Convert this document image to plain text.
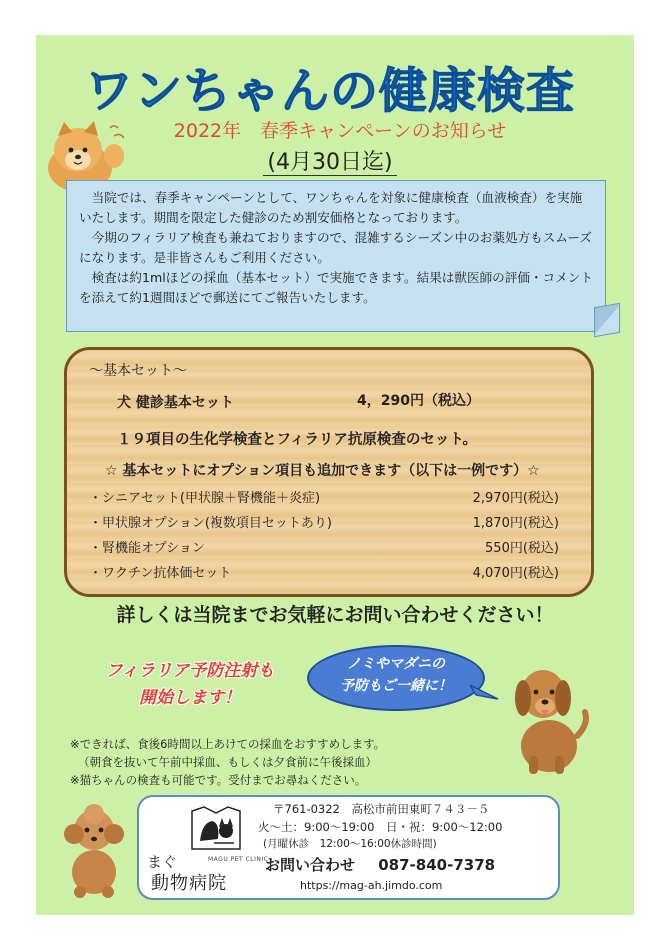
ワンちゃんの健康検査
2022年　春季キャンペーンのお知らせ
(4月30日迄)

当院では、春季キャンペーンとして、ワンちゃんを対象に健康検査（血液検査）を実施いたします。期間を限定した健診のため割安価格となっております。

今期のフィラリア検査も兼ねておりますので、混雑するシーズン中のお薬処方もスムーズになります。是非皆さんもご利用ください。

検査は約1mlほどの採血（基本セット）で実施できます。結果は獣医師の評価・コメントを添えて約1週間ほどで郵送にてご報告いたします。

～基本セット～
犬 健診基本セット	4，290円（税込）
１９項目の生化学検査とフィラリア抗原検査のセット。
☆ 基本セットにオプション項目も追加できます（以下は一例です）☆
・シニアセット(甲状腺＋腎機能＋炎症)	2,970円(税込)
・甲状腺オプション(複数項目セットあり)	1,870円(税込)
・腎機能オプション	550円(税込)
・ワクチン抗体価セット	4,070円(税込)
詳しくは当院までお気軽にお問い合わせください！
フィラリア予防注射も
開始します！
ノミやマダニの
予防もご一緒に！
※できれば、食後6時間以上あけての採血をおすすめします。
（朝食を抜いて午前中採血、もしくは夕食前に午後採血）
※猫ちゃんの検査も可能です。受付までお尋ねください。
MAGU PET CLINIC
まぐ
動物病院
〒761-0322　高松市前田東町７４３－５
火～土：9:00～19:00　日・祝：9:00～12:00
(月曜休診　12:00～16:00休診時間)
お問い合わせ 087-840-7378
https://mag-ah.jimdo.com
